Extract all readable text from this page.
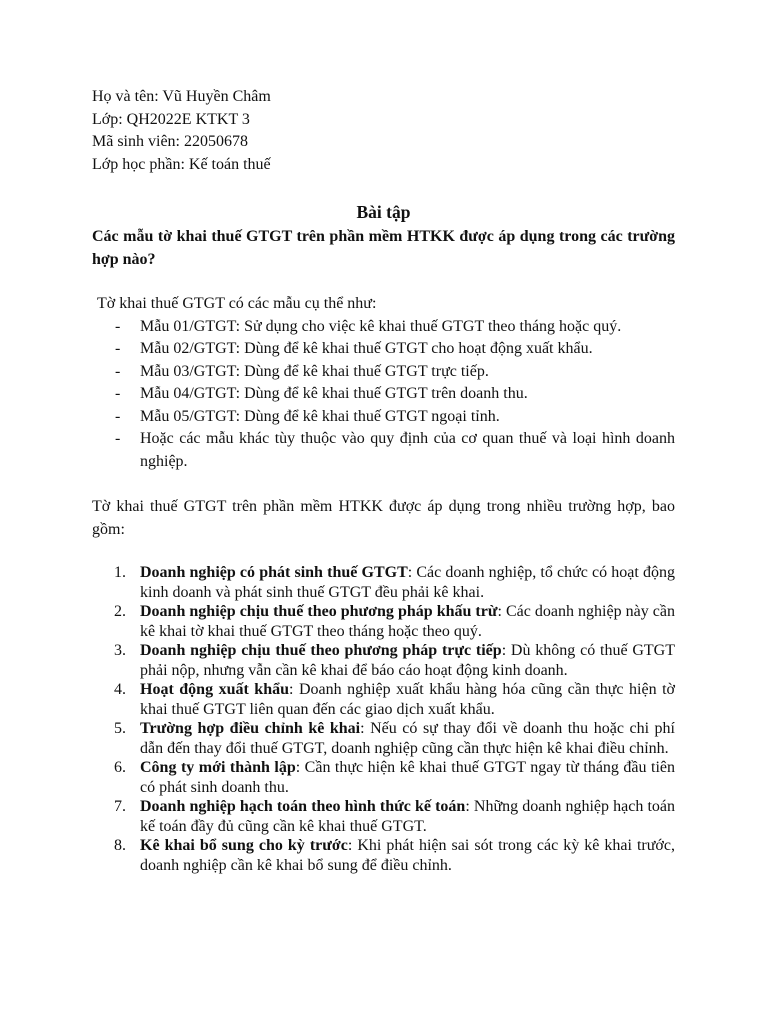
Họ và tên: Vũ Huyền Châm
Lớp: QH2022E KTKT 3
Mã sinh viên: 22050678
Lớp học phần: Kế toán thuế
Bài tập
Các mẫu tờ khai thuế GTGT trên phần mềm HTKK được áp dụng trong các trường hợp nào?
Tờ khai thuế GTGT có các mẫu cụ thể như:
- Mẫu 01/GTGT: Sử dụng cho việc kê khai thuế GTGT theo tháng hoặc quý.
- Mẫu 02/GTGT: Dùng để kê khai thuế GTGT cho hoạt động xuất khẩu.
- Mẫu 03/GTGT: Dùng để kê khai thuế GTGT trực tiếp.
- Mẫu 04/GTGT: Dùng để kê khai thuế GTGT trên doanh thu.
- Mẫu 05/GTGT: Dùng để kê khai thuế GTGT ngoại tỉnh.
- Hoặc các mẫu khác tùy thuộc vào quy định của cơ quan thuế và loại hình doanh nghiệp.
Tờ khai thuế GTGT trên phần mềm HTKK được áp dụng trong nhiều trường hợp, bao gồm:
1. Doanh nghiệp có phát sinh thuế GTGT: Các doanh nghiệp, tổ chức có hoạt động kinh doanh và phát sinh thuế GTGT đều phải kê khai.
2. Doanh nghiệp chịu thuế theo phương pháp khấu trừ: Các doanh nghiệp này cần kê khai tờ khai thuế GTGT theo tháng hoặc theo quý.
3. Doanh nghiệp chịu thuế theo phương pháp trực tiếp: Dù không có thuế GTGT phải nộp, nhưng vẫn cần kê khai để báo cáo hoạt động kinh doanh.
4. Hoạt động xuất khẩu: Doanh nghiệp xuất khẩu hàng hóa cũng cần thực hiện tờ khai thuế GTGT liên quan đến các giao dịch xuất khẩu.
5. Trường hợp điều chỉnh kê khai: Nếu có sự thay đổi về doanh thu hoặc chi phí dẫn đến thay đổi thuế GTGT, doanh nghiệp cũng cần thực hiện kê khai điều chỉnh.
6. Công ty mới thành lập: Cần thực hiện kê khai thuế GTGT ngay từ tháng đầu tiên có phát sinh doanh thu.
7. Doanh nghiệp hạch toán theo hình thức kế toán: Những doanh nghiệp hạch toán kế toán đầy đủ cũng cần kê khai thuế GTGT.
8. Kê khai bổ sung cho kỳ trước: Khi phát hiện sai sót trong các kỳ kê khai trước, doanh nghiệp cần kê khai bổ sung để điều chỉnh.
